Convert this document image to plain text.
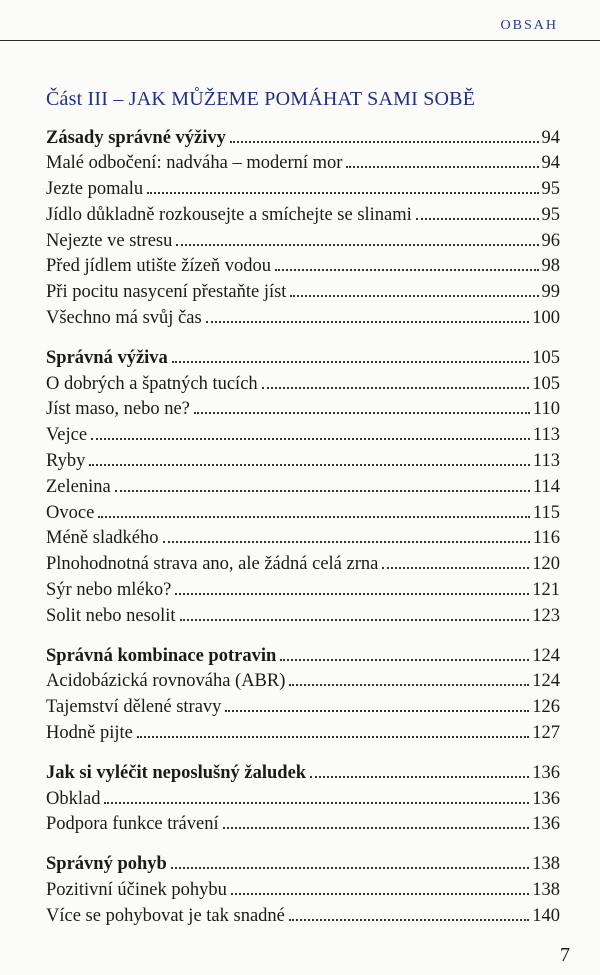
OBSAH
Část III – JAK MŮŽEME POMÁHAT SAMI SOBĚ
Zásady správné výživy	94
Malé odbočení: nadváha – moderní mor	94
Jezte pomalu	95
Jídlo důkladně rozkousejte a smíchejte se slinami	95
Nejezte ve stresu	96
Před jídlem utište žízeň vodou	98
Při pocitu nasycení přestaňte jíst	99
Všechno má svůj čas	100
Správná výživa	105
O dobrých a špatných tucích	105
Jíst maso, nebo ne?	110
Vejce	113
Ryby	113
Zelenina	114
Ovoce	115
Méně sladkého	116
Plnohodnotná strava ano, ale žádná celá zrna	120
Sýr nebo mléko?	121
Solit nebo nesolit	123
Správná kombinace potravin	124
Acidobázická rovnováha (ABR)	124
Tajemství dělené stravy	126
Hodně pijte	127
Jak si vyléčit neposlušný žaludek	136
Obklad	136
Podpora funkce trávení	136
Správný pohyb	138
Pozitivní účinek pohybu	138
Více se pohybovat je tak snadné	140
7
